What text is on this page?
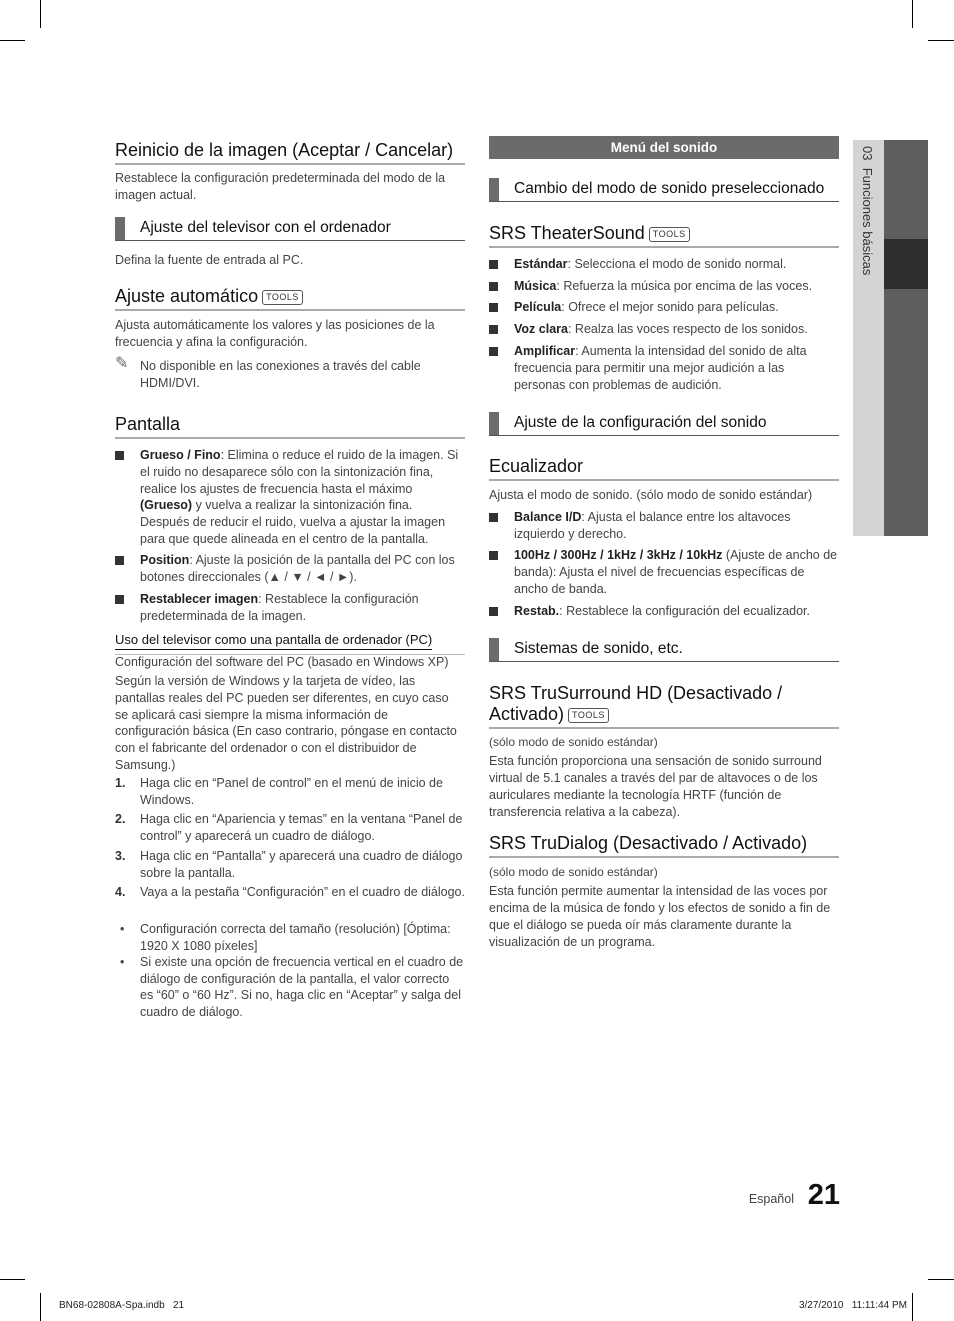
03  Funciones básicas
Reinicio de la imagen (Aceptar / Cancelar)
Restablece la configuración predeterminada del modo de la imagen actual.
Ajuste del televisor con el ordenador
Defina la fuente de entrada al PC.
Ajuste automático TOOLS
Ajusta automáticamente los valores y las posiciones de la frecuencia y afina la configuración.
✎ No disponible en las conexiones a través del cable HDMI/DVI.
Pantalla
Grueso / Fino: Elimina o reduce el ruido de la imagen. Si el ruido no desaparece sólo con la sintonización fina, realice los ajustes de frecuencia hasta el máximo (Grueso) y vuelva a realizar la sintonización fina. Después de reducir el ruido, vuelva a ajustar la imagen para que quede alineada en el centro de la pantalla.
Position: Ajuste la posición de la pantalla del PC con los botones direccionales (▲ / ▼ / ◄ / ►).
Restablecer imagen: Restablece la configuración predeterminada de la imagen.
Uso del televisor como una pantalla de ordenador (PC)
Configuración del software del PC (basado en Windows XP)
Según la versión de Windows y la tarjeta de vídeo, las pantallas reales del PC pueden ser diferentes, en cuyo caso se aplicará casi siempre la misma información de configuración básica (En caso contrario, póngase en contacto con el fabricante del ordenador o con el distribuidor de Samsung.)
1. Haga clic en “Panel de control” en el menú de inicio de Windows.
2. Haga clic en “Apariencia y temas” en la ventana “Panel de control” y aparecerá un cuadro de diálogo.
3. Haga clic en “Pantalla” y aparecerá una cuadro de diálogo sobre la pantalla.
4. Vaya a la pestaña “Configuración” en el cuadro de diálogo.
• Configuración correcta del tamaño (resolución) [Óptima: 1920 X 1080 píxeles]
• Si existe una opción de frecuencia vertical en el cuadro de diálogo de configuración de la pantalla, el valor correcto es “60” o “60 Hz”. Si no, haga clic en “Aceptar” y salga del cuadro de diálogo.
Menú del sonido
Cambio del modo de sonido preseleccionado
SRS TheaterSound TOOLS
Estándar: Selecciona el modo de sonido normal.
Música: Refuerza la música por encima de las voces.
Película: Ofrece el mejor sonido para películas.
Voz clara: Realza las voces respecto de los sonidos.
Amplificar: Aumenta la intensidad del sonido de alta frecuencia para permitir una mejor audición a las personas con problemas de audición.
Ajuste de la configuración del sonido
Ecualizador
Ajusta el modo de sonido. (sólo modo de sonido estándar)
Balance I/D: Ajusta el balance entre los altavoces izquierdo y derecho.
100Hz / 300Hz / 1kHz / 3kHz / 10kHz (Ajuste de ancho de banda): Ajusta el nivel de frecuencias específicas de ancho de banda.
Restab.: Restablece la configuración del ecualizador.
Sistemas de sonido, etc.
SRS TruSurround HD (Desactivado / Activado) TOOLS
(sólo modo de sonido estándar)
Esta función proporciona una sensación de sonido surround virtual de 5.1 canales a través del par de altavoces o de los auriculares mediante la tecnología HRTF (función de transferencia relativa a la cabeza).
SRS TruDialog (Desactivado / Activado)
(sólo modo de sonido estándar)
Esta función permite aumentar la intensidad de las voces por encima de la música de fondo y los efectos de sonido a fin de que el diálogo se pueda oír más claramente durante la visualización de un programa.
Español 21
BN68-02808A-Spa.indb   21	3/27/2010   11:11:44 PM
